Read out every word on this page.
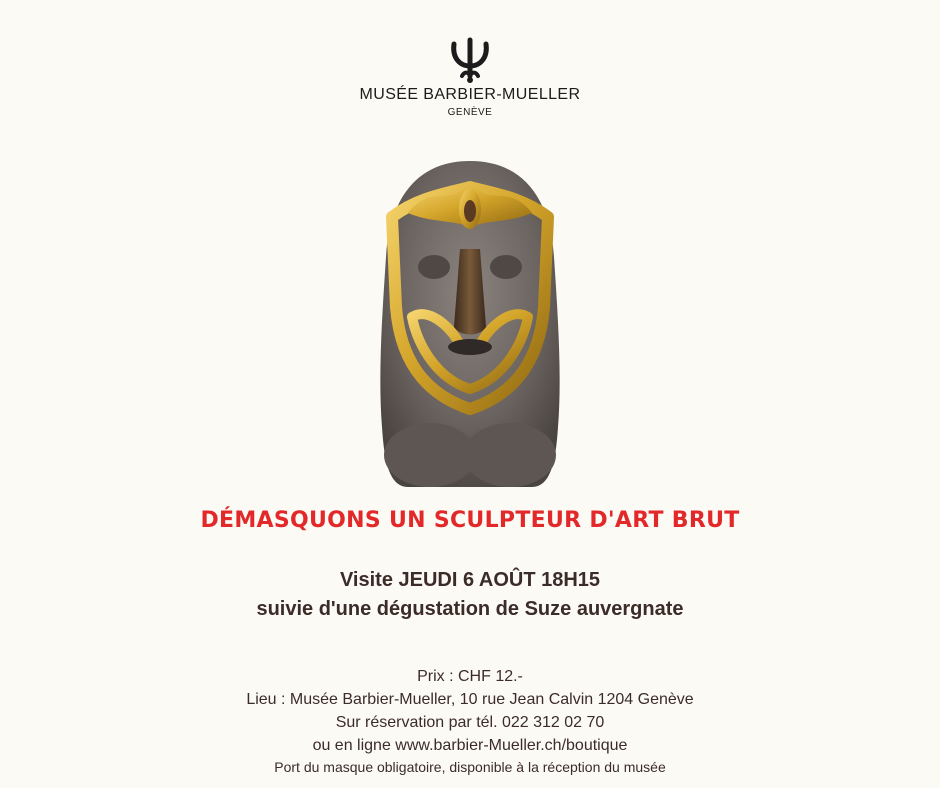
MUSÉE BARBIER-MUELLER
GENÈVE
DÉMASQUONS UN SCULPTEUR D'ART BRUT
Visite JEUDI 6 AOÛT 18H15
suivie d'une dégustation de Suze auvergnate
Prix : CHF 12.-
Lieu : Musée Barbier-Mueller, 10 rue Jean Calvin 1204 Genève
Sur réservation par tél. 022 312 02 70
ou en ligne www.barbier-Mueller.ch/boutique
Port du masque obligatoire, disponible à la réception du musée
